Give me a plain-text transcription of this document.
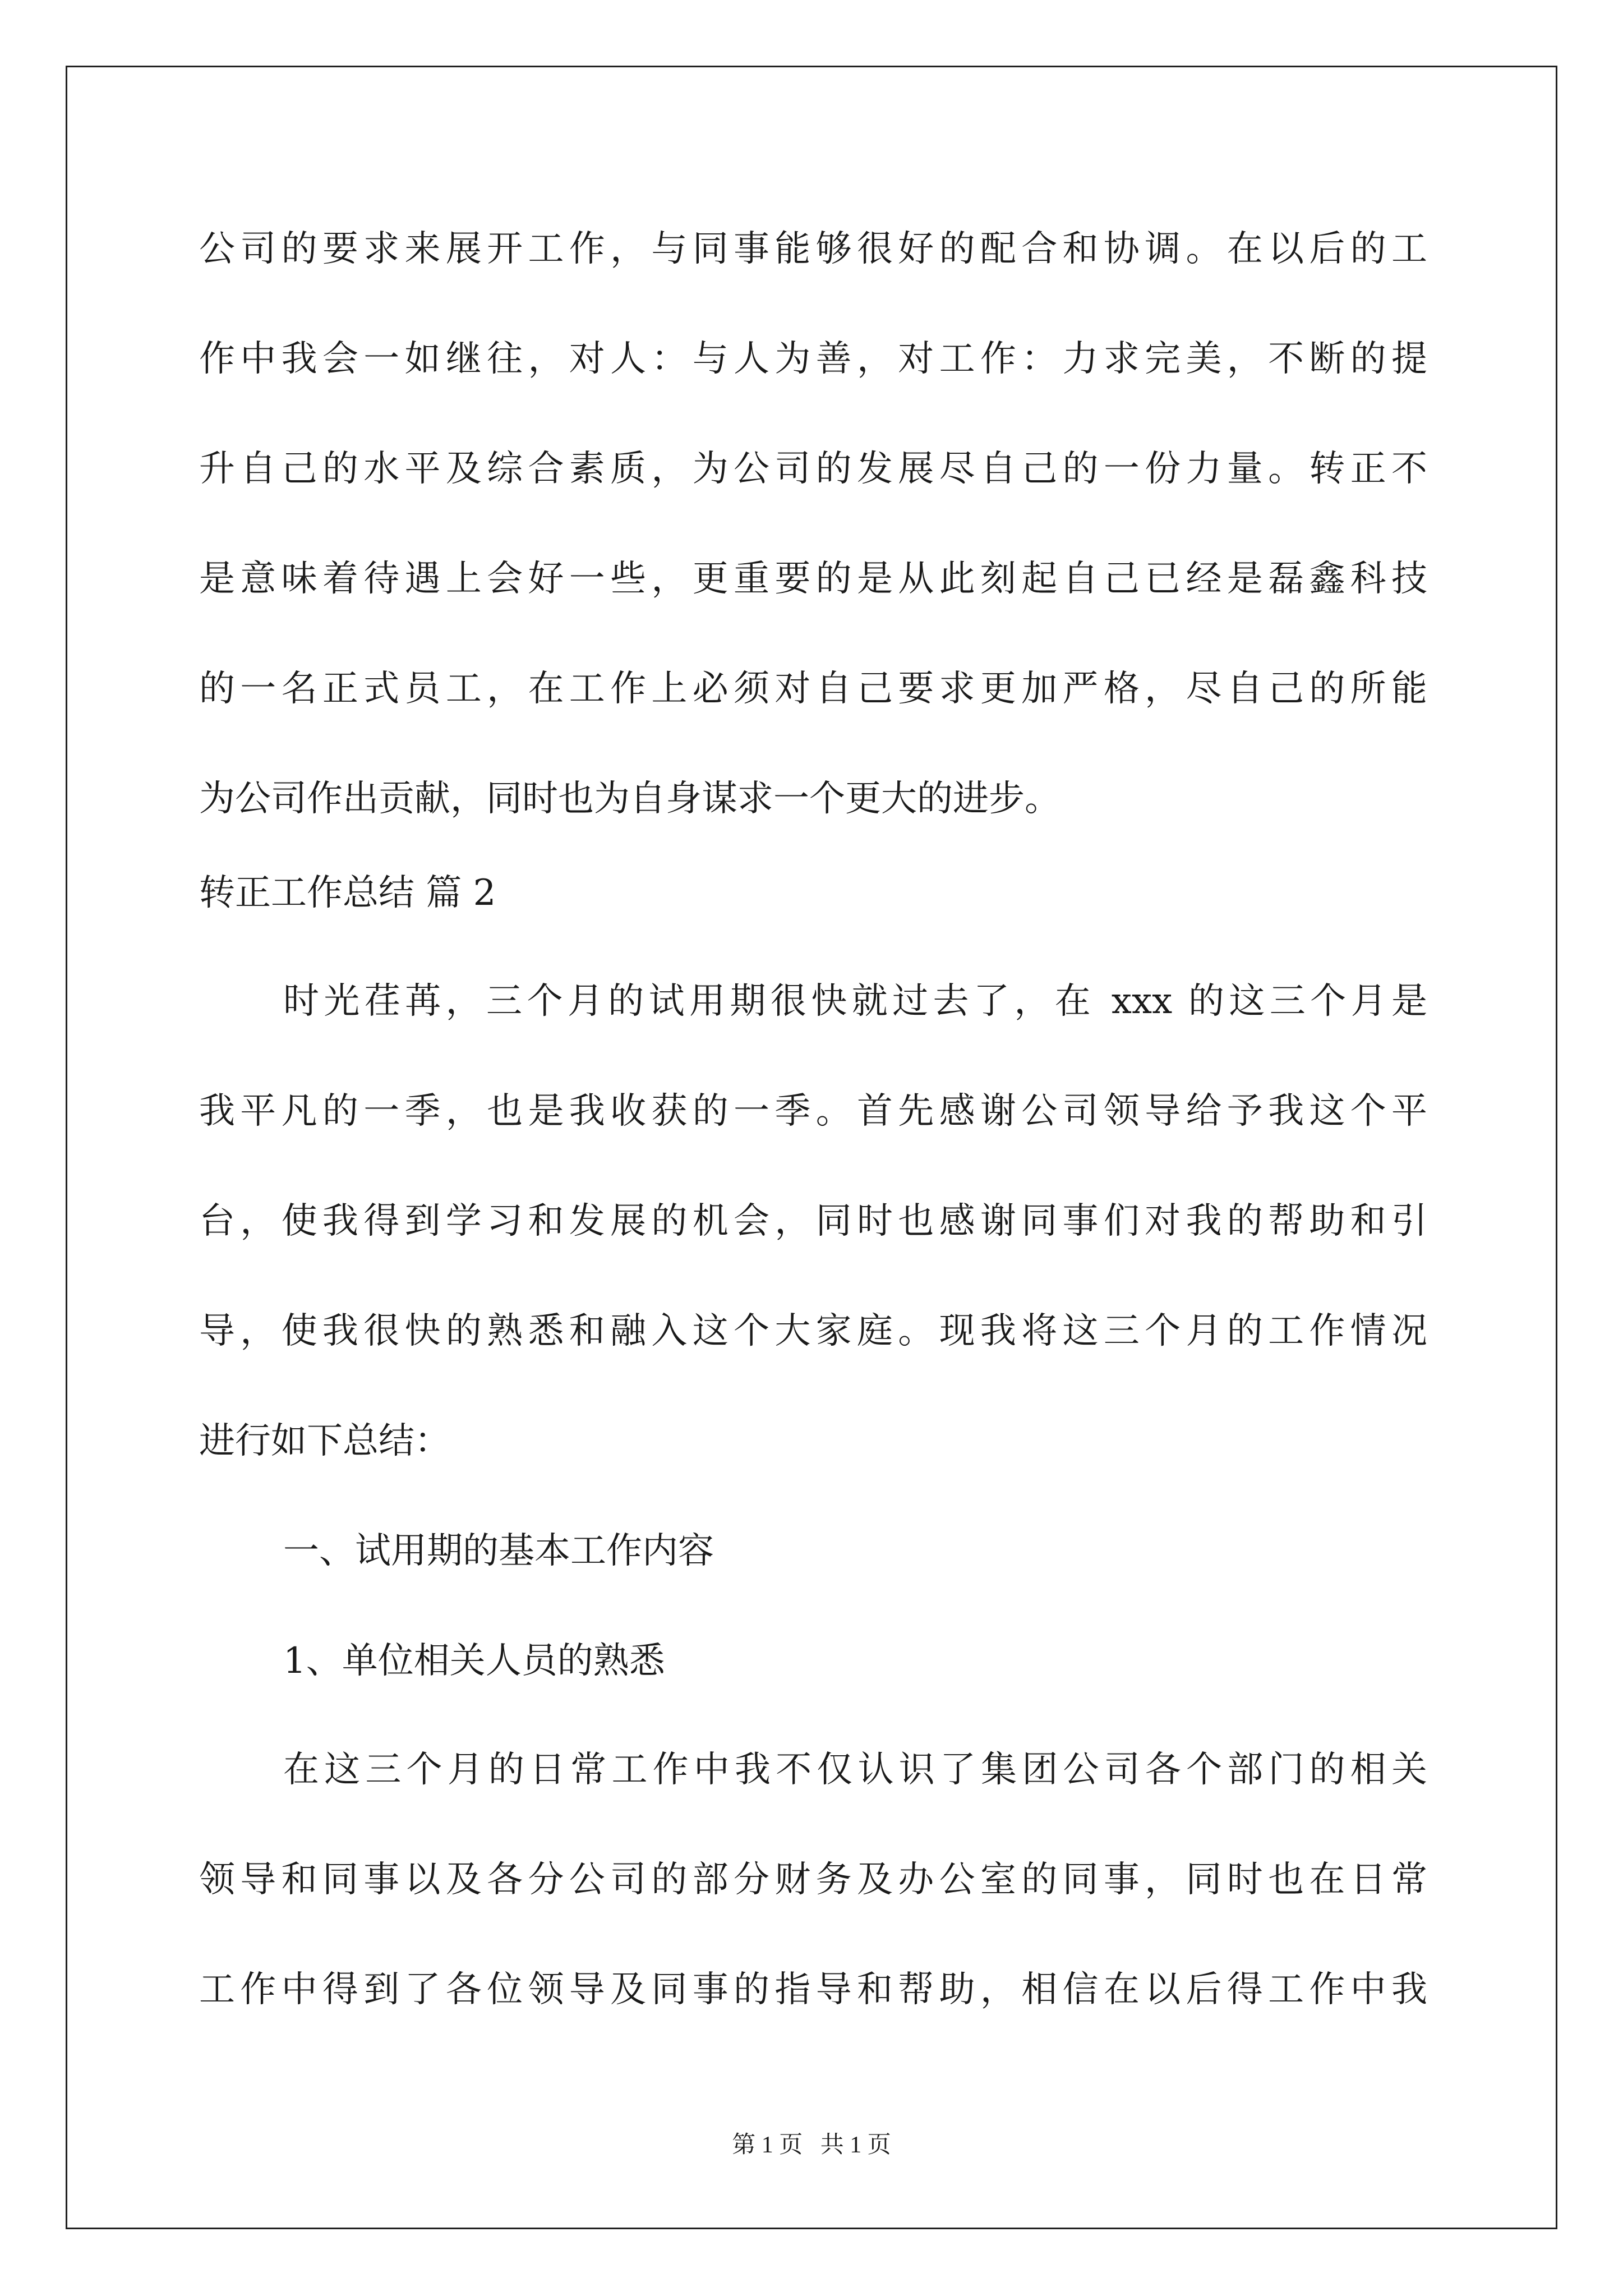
公司的要求来展开工作，与同事能够很好的配合和协调。在以后的工
作中我会一如继往，对人：与人为善，对工作：力求完美，不断的提
升自己的水平及综合素质，为公司的发展尽自己的一份力量。转正不
是意味着待遇上会好一些，更重要的是从此刻起自己已经是磊鑫科技
的一名正式员工，在工作上必须对自己要求更加严格，尽自己的所能
为公司作出贡献，同时也为自身谋求一个更大的进步。
转正工作总结 篇 2
时光荏苒，三个月的试用期很快就过去了，在 xxx 的这三个月是
我平凡的一季，也是我收获的一季。首先感谢公司领导给予我这个平
台，使我得到学习和发展的机会，同时也感谢同事们对我的帮助和引
导，使我很快的熟悉和融入这个大家庭。现我将这三个月的工作情况
进行如下总结：
一、试用期的基本工作内容
1、单位相关人员的熟悉
在这三个月的日常工作中我不仅认识了集团公司各个部门的相关
领导和同事以及各分公司的部分财务及办公室的同事，同时也在日常
工作中得到了各位领导及同事的指导和帮助，相信在以后得工作中我
第 1 页   共 1 页
